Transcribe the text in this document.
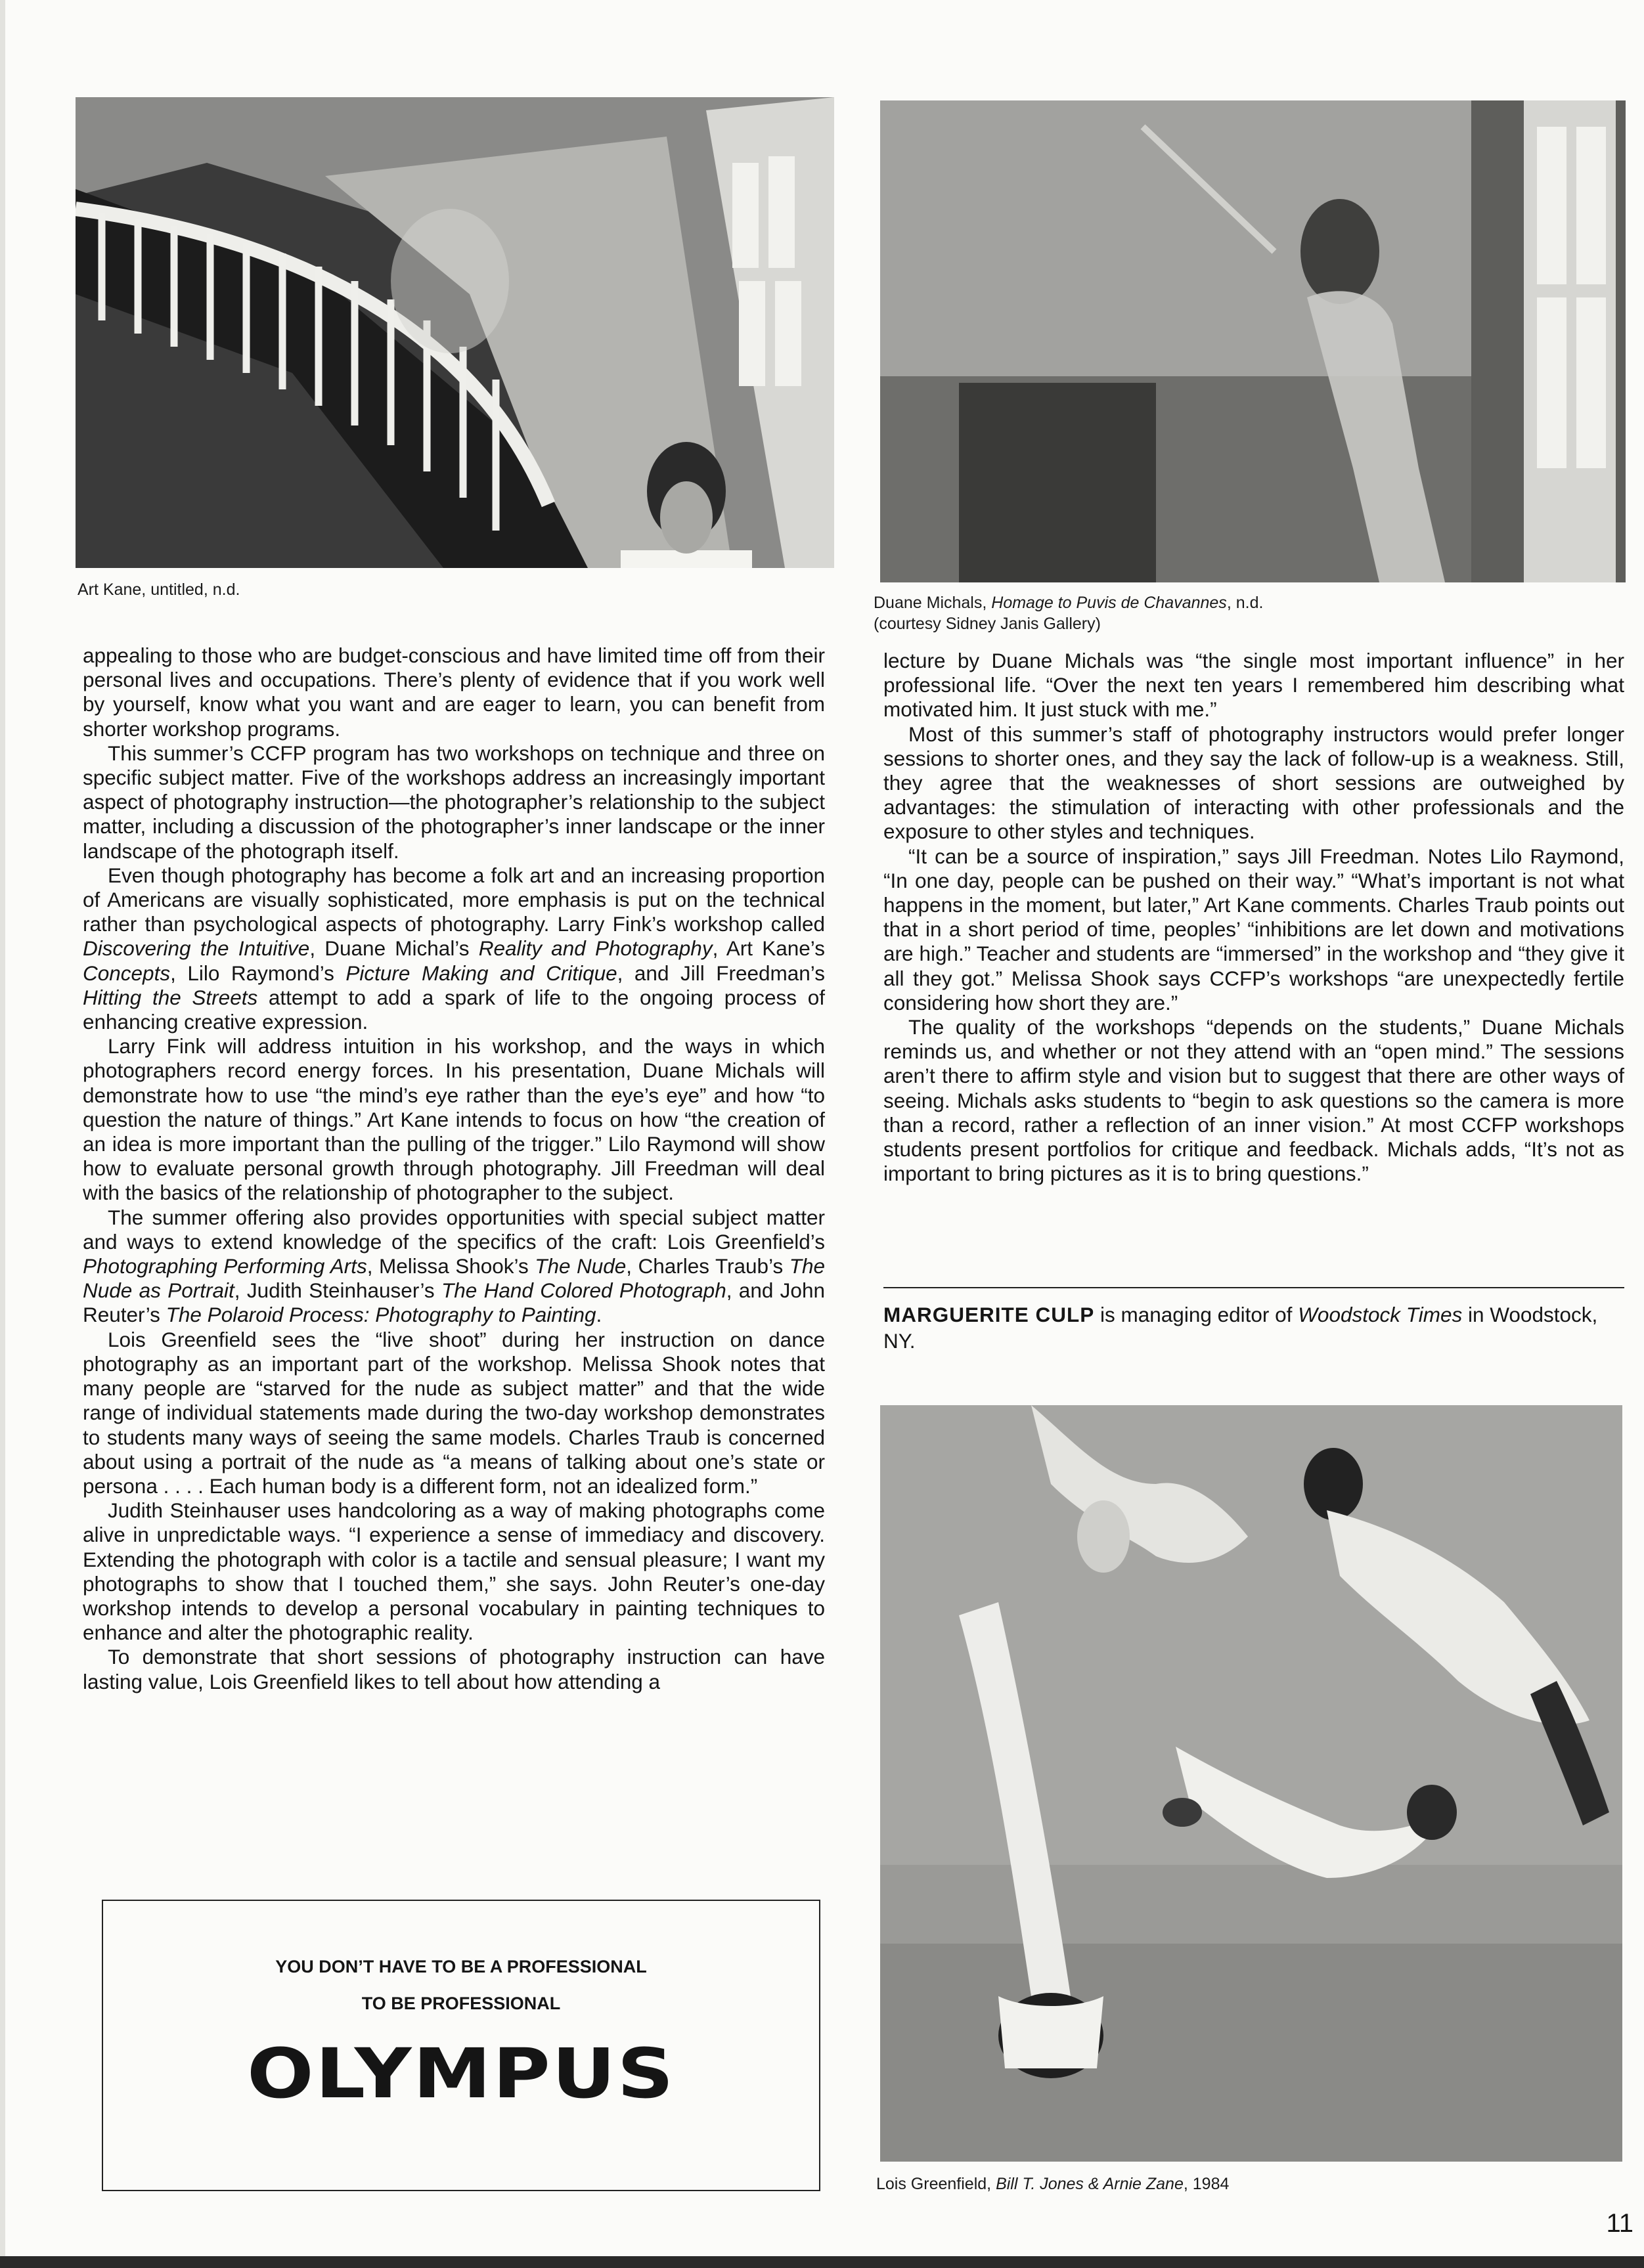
Art Kane, untitled, n.d.
Duane Michals, Homage to Puvis de Chavannes, n.d.
(courtesy Sidney Janis Gallery)

appealing to those who are budget-conscious and have limited time off from their personal lives and occupations. There’s plenty of evidence that if you work well by yourself, know what you want and are eager to learn, you can benefit from shorter workshop programs.

This summer’s CCFP program has two workshops on technique and three on specific subject matter. Five of the workshops address an increasingly important aspect of photography instruction—the photographer’s relationship to the subject matter, including a discussion of the photographer’s inner landscape or the inner landscape of the photograph itself.

Even though photography has become a folk art and an increasing proportion of Americans are visually sophisticated, more emphasis is put on the technical rather than psychological aspects of photography. Larry Fink’s workshop called Discovering the Intuitive, Duane Michal’s Reality and Photography, Art Kane’s Concepts, Lilo Raymond’s Picture Making and Critique, and Jill Freedman’s Hitting the Streets attempt to add a spark of life to the ongoing process of enhancing creative expression.

Larry Fink will address intuition in his workshop, and the ways in which photographers record energy forces. In his presentation, Duane Michals will demonstrate how to use “the mind’s eye rather than the eye’s eye” and how “to question the nature of things.” Art Kane intends to focus on how “the creation of an idea is more important than the pulling of the trigger.” Lilo Raymond will show how to evaluate personal growth through photography. Jill Freedman will deal with the basics of the relationship of photographer to the subject.

The summer offering also provides opportunities with special subject matter and ways to extend knowledge of the specifics of the craft: Lois Greenfield’s Photographing Performing Arts, Melissa Shook’s The Nude, Charles Traub’s The Nude as Portrait, Judith Steinhauser’s The Hand Colored Photograph, and John Reuter’s The Polaroid Process: Photography to Painting.

Lois Greenfield sees the “live shoot” during her instruction on dance photography as an important part of the workshop. Melissa Shook notes that many people are “starved for the nude as subject matter” and that the wide range of individual statements made during the two-day workshop demonstrates to students many ways of seeing the same models. Charles Traub is concerned about using a portrait of the nude as “a means of talking about one’s state or persona . . . . Each human body is a different form, not an idealized form.”

Judith Steinhauser uses handcoloring as a way of making photographs come alive in unpredictable ways. “I experience a sense of immediacy and discovery. Extending the photograph with color is a tactile and sensual pleasure; I want my photographs to show that I touched them,” she says. John Reuter’s one-day workshop intends to develop a personal vocabulary in painting techniques to enhance and alter the photographic reality.

To demonstrate that short sessions of photography instruction can have lasting value, Lois Greenfield likes to tell about how attending a

lecture by Duane Michals was “the single most important influence” in her professional life. “Over the next ten years I remembered him describing what motivated him. It just stuck with me.”

Most of this summer’s staff of photography instructors would prefer longer sessions to shorter ones, and they say the lack of follow-up is a weakness. Still, they agree that the weaknesses of short sessions are outweighed by advantages: the stimulation of interacting with other professionals and the exposure to other styles and techniques.

“It can be a source of inspiration,” says Jill Freedman. Notes Lilo Raymond, “In one day, people can be pushed on their way.” “What’s important is not what happens in the moment, but later,” Art Kane comments. Charles Traub points out that in a short period of time, peoples’ “inhibitions are let down and motivations are high.” Teacher and students are “immersed” in the workshop and “they give it all they got.” Melissa Shook says CCFP’s workshops “are unexpectedly fertile considering how short they are.”

The quality of the workshops “depends on the students,” Duane Michals reminds us, and whether or not they attend with an “open mind.” The sessions aren’t there to affirm style and vision but to suggest that there are other ways of seeing. Michals asks students to “begin to ask questions so the camera is more than a record, rather a reflection of an inner vision.” At most CCFP workshops students present portfolios for critique and feedback. Michals adds, “It’s not as important to bring pictures as it is to bring questions.”

MARGUERITE CULP is managing editor of Woodstock Times in Woodstock, NY.
Lois Greenfield, Bill T. Jones & Arnie Zane, 1984
YOU DON’T HAVE TO BE A PROFESSIONAL
TO BE PROFESSIONAL
OLYMPUS
11
